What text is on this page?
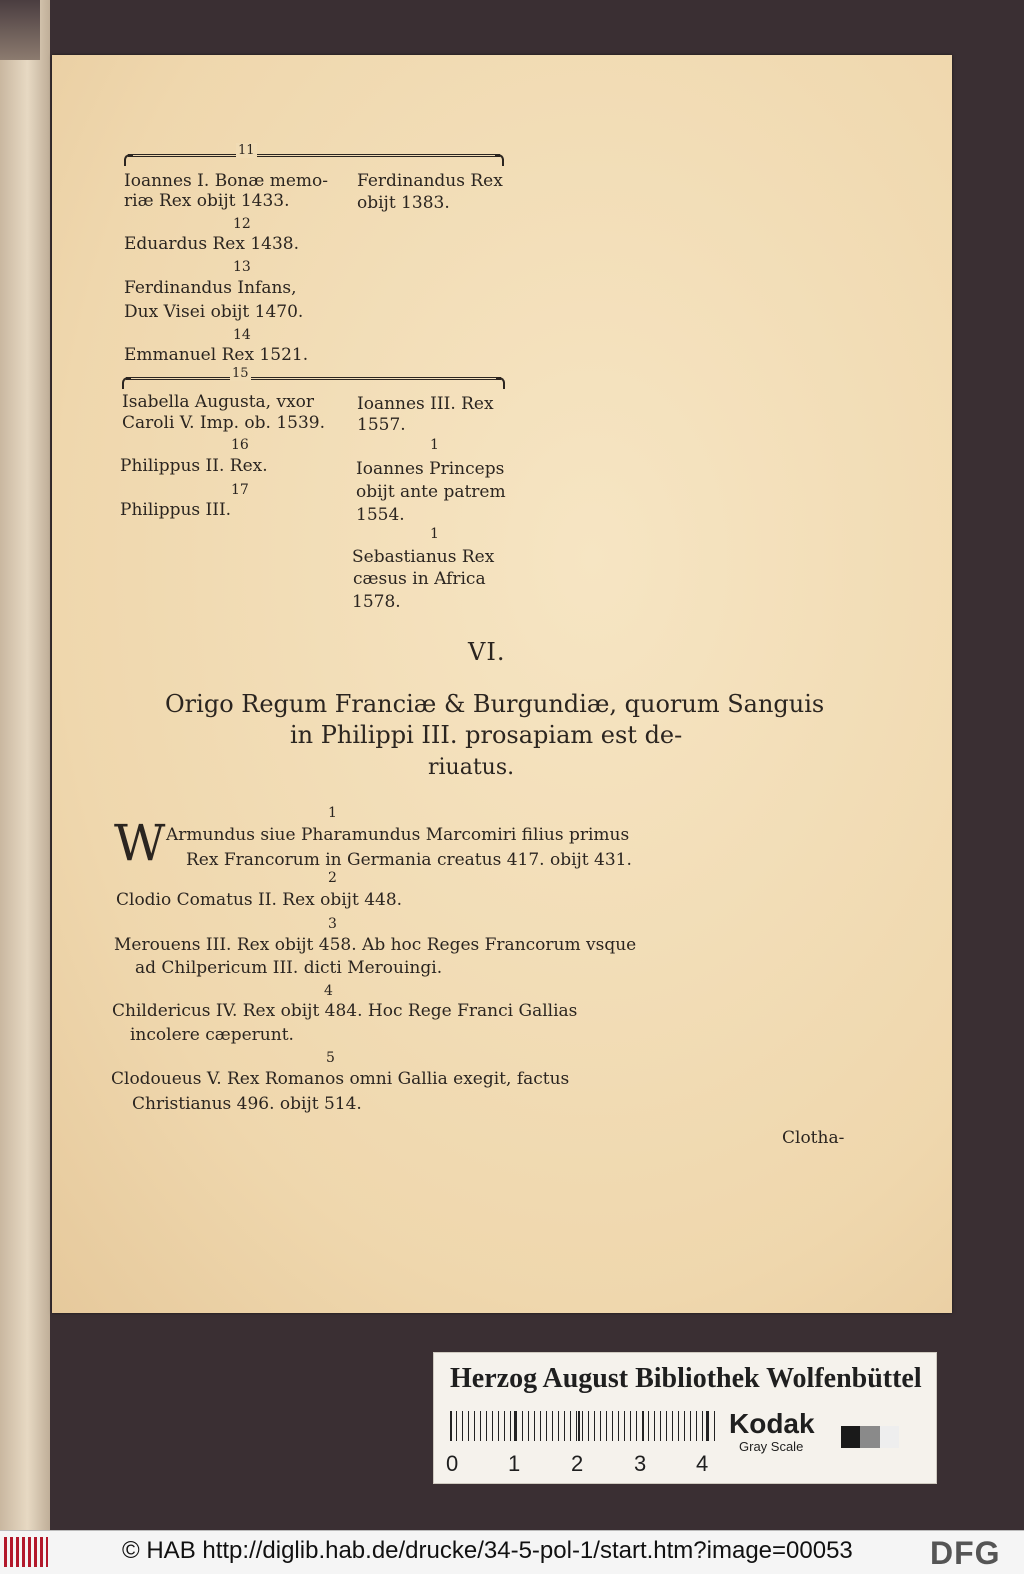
11
Ioannes I. Bonæ memo-
riæ Rex obijt 1433.
12
Eduardus Rex 1438.
13
Ferdinandus Infans,
Dux Visei obijt 1470.
14
Emmanuel Rex 1521.
Ferdinandus Rex
obijt 1383.
15
Isabella Augusta, vxor
Caroli V. Imp. ob. 1539.
16
Philippus II. Rex.
17
Philippus III.
Ioannes III. Rex
1557.
1
Ioannes Princeps
obijt ante patrem
1554.
1
Sebastianus Rex
cæsus in Africa
1578.
VI.
Origo Regum Franciæ & Burgundiæ, quorum Sanguis
in Philippi III. prosapiam est de-
riuatus.
1
W Armundus siue Pharamundus Marcomiri filius primus
Rex Francorum in Germania creatus 417. obijt 431.
2
Clodio Comatus II. Rex obijt 448.
3
Merouens III. Rex obijt 458. Ab hoc Reges Francorum vsque
ad Chilpericum III. dicti Merouingi.
4
Childericus IV. Rex obijt 484. Hoc Rege Franci Gallias
incolere cæperunt.
5
Clodoueus V. Rex Romanos omni Gallia exegit, factus
Christianus 496. obijt 514.
Clotha-
Herzog August Bibliothek Wolfenbüttel
0 1 2 3 4
Kodak
Gray Scale
© HAB http://diglib.hab.de/drucke/34-5-pol-1/start.htm?image=00053 DFG
